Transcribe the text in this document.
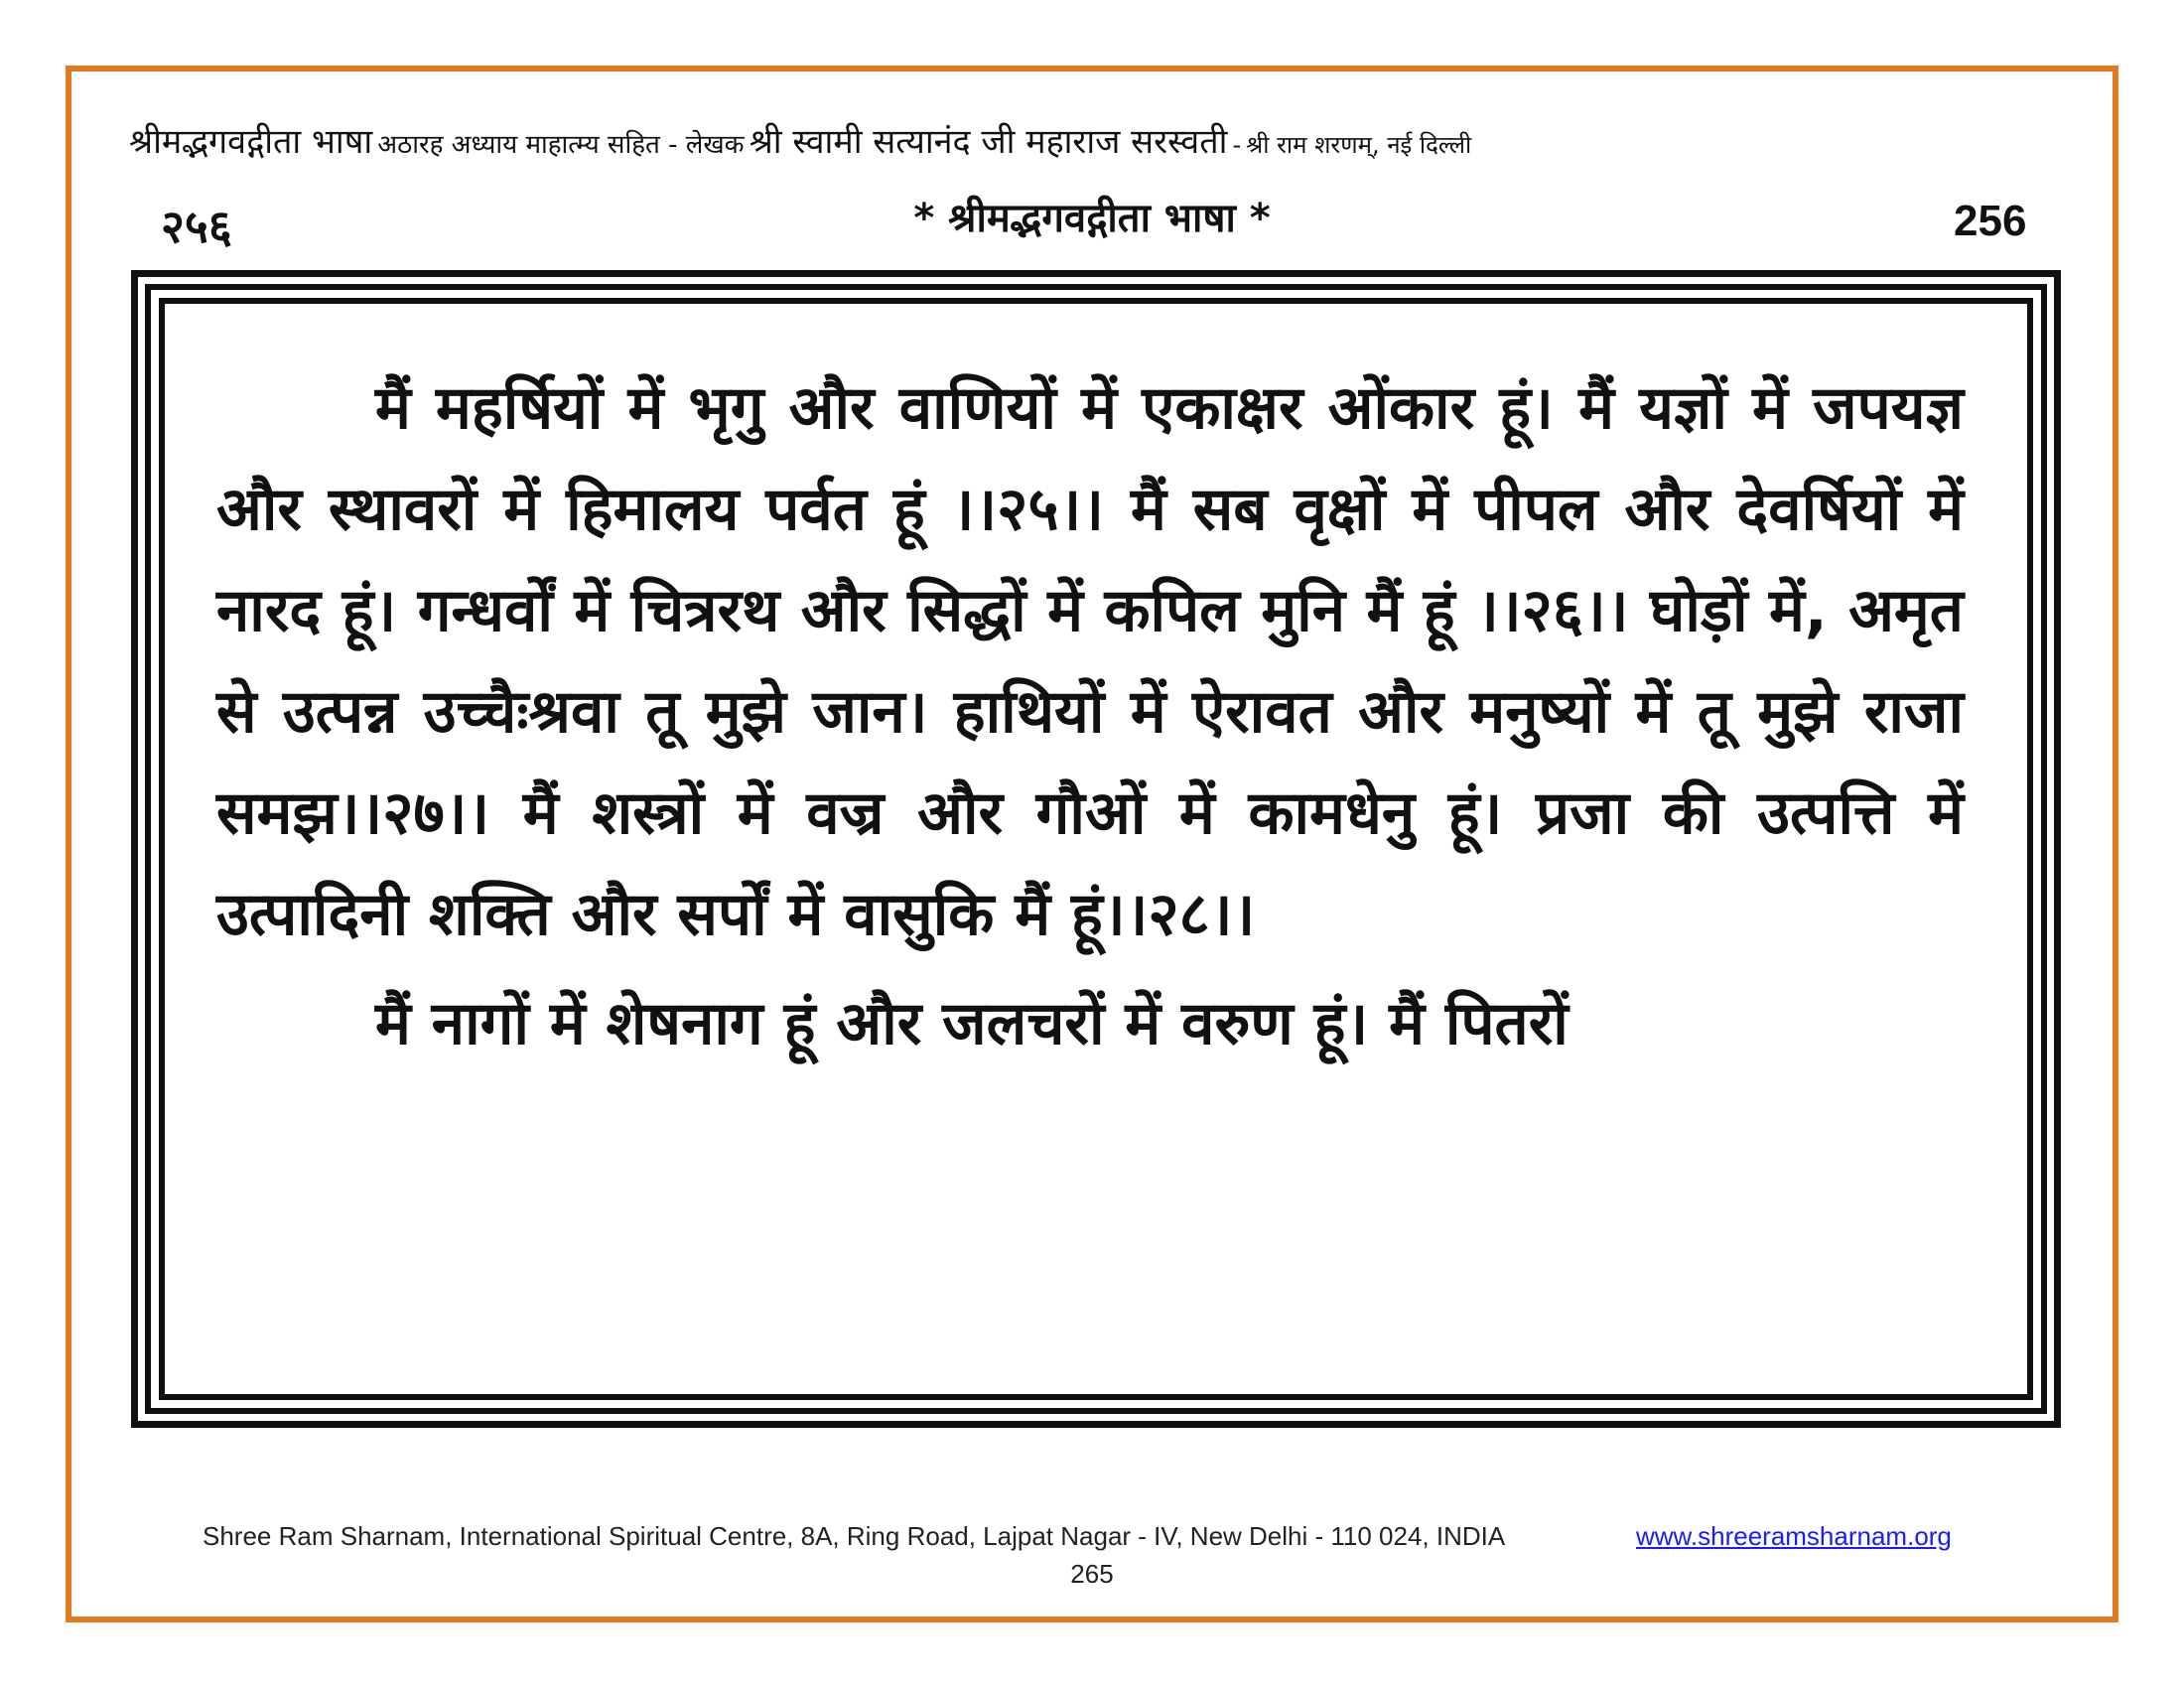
श्रीमद्भगवद्गीता भाषा अठारह अध्याय माहात्म्य सहित - लेखक श्री स्वामी सत्यानंद जी महाराज सरस्वती - श्री राम शरणम्, नई दिल्ली
२५६	* श्रीमद्भगवद्गीता भाषा *	256

मैं महर्षियों में भृगु और वाणियों में एकाक्षर ओंकार हूं। मैं यज्ञों में जपयज्ञ और स्थावरों में हिमालय पर्वत हूं ।।२५।। मैं सब वृक्षों में पीपल और देवर्षियों में नारद हूं। गन्धर्वों में चित्ररथ और सिद्धों में कपिल मुनि मैं हूं ।।२६।। घोड़ों में, अमृत से उत्पन्न उच्चैःश्रवा तू मुझे जान। हाथियों में ऐरावत और मनुष्यों में तू मुझे राजा समझ।।२७।। मैं शस्त्रों में वज्र और गौओं में कामधेनु हूं। प्रजा की उत्पत्ति में उत्पादिनी शक्ति और सर्पों में वासुकि मैं हूं।।२८।।

मैं नागों में शेषनाग हूं और जलचरों में वरुण हूं। मैं पितरों

Shree Ram Sharnam, International Spiritual Centre, 8A, Ring Road, Lajpat Nagar - IV, New Delhi - 110 024, INDIA	www.shreeramsharnam.org
265
